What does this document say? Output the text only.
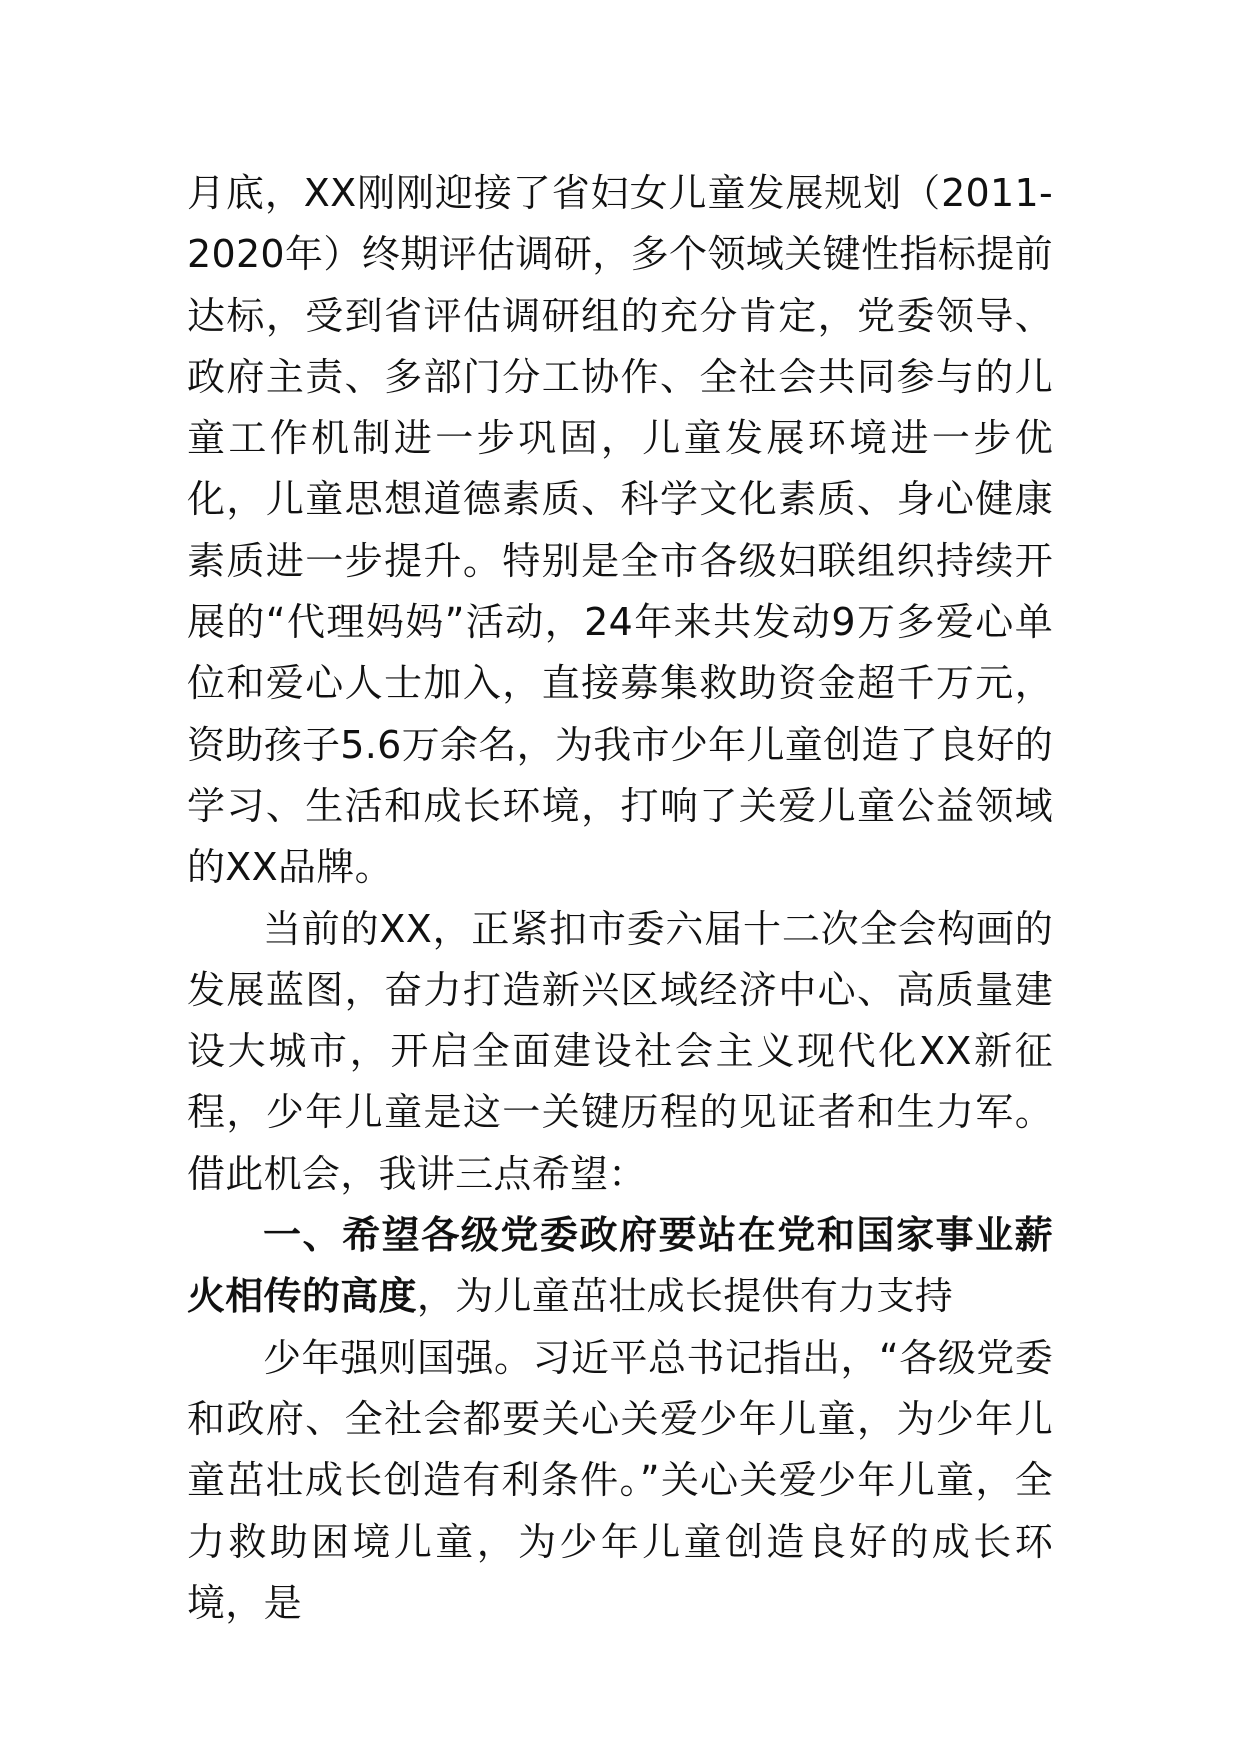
月底，XX刚刚迎接了省妇女儿童发展规划（2011-2020年）终期评估调研，多个领域关键性指标提前达标，受到省评估调研组的充分肯定，党委领导、政府主责、多部门分工协作、全社会共同参与的儿童工作机制进一步巩固，儿童发展环境进一步优化，儿童思想道德素质、科学文化素质、身心健康素质进一步提升。特别是全市各级妇联组织持续开展的“代理妈妈”活动，24年来共发动9万多爱心单位和爱心人士加入，直接募集救助资金超千万元，资助孩子5.6万余名，为我市少年儿童创造了良好的学习、生活和成长环境，打响了关爱儿童公益领域的XX品牌。

当前的XX，正紧扣市委六届十二次全会构画的发展蓝图，奋力打造新兴区域经济中心、高质量建设大城市，开启全面建设社会主义现代化XX新征程，少年儿童是这一关键历程的见证者和生力军。借此机会，我讲三点希望：

一、希望各级党委政府要站在党和国家事业薪火相传的高度，为儿童茁壮成长提供有力支持

少年强则国强。习近平总书记指出，“各级党委和政府、全社会都要关心关爱少年儿童，为少年儿童茁壮成长创造有利条件。”关心关爱少年儿童，全力救助困境儿童，为少年儿童创造良好的成长环境，是
